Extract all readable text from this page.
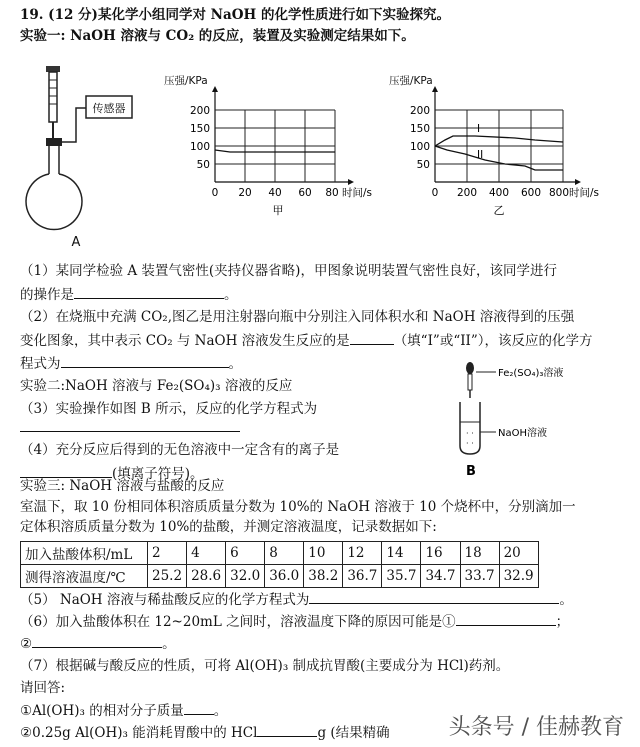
19. (12 分)某化学小组同学对 NaOH 的化学性质进行如下实验探究。
实验一: NaOH 溶液与 CO₂ 的反应，装置及实验测定结果如下。
传感器
A
压强/KPa
200
150
100
50
0 20 40 60 80 时间/s
甲
压强/KPa
I
II
200
150
100
50
0 200 400 600 800 时间/s
乙
（1）某同学检验 A 装置气密性(夹持仪器省略)，甲图象说明装置气密性良好，该同学进行
的操作是	。
（2）在烧瓶中充满 CO₂,图乙是用注射器向瓶中分别注入同体积水和 NaOH 溶液得到的压强
变化图象，其中表示 CO₂ 与 NaOH 溶液发生反应的是	（填“I”或“II”），该反应的化学方
程式为	。
实验二:NaOH 溶液与 Fe₂(SO₄)₃ 溶液的反应
（3）实验操作如图 B 所示，反应的化学方程式为
（4）充分反应后得到的无色溶液中一定含有的离子是
(填离子符号)。
Fe₂(SO₄)₃溶液
· ·
· ·
NaOH溶液
B
实验三: NaOH 溶液与盐酸的反应
室温下，取 10 份相同体积溶质质量分数为 10%的 NaOH 溶液于 10 个烧杯中，分别滴加一
定体积溶质质量分数为 10%的盐酸，并测定溶液温度，记录数据如下:
加入盐酸体积/mL	2	4	6	8	10	12	14	16	18	20
测得溶液温度/℃	25.2	28.6	32.0	36.0	38.2	36.7	35.7	34.7	33.7	32.9
（5） NaOH 溶液与稀盐酸反应的化学方程式为	。
（6）加入盐酸体积在 12~20mL 之间时，溶液温度下降的原因可能是①	；
②	。
（7）根据碱与酸反应的性质，可将 Al(OH)₃ 制成抗胃酸(主要成分为 HCl)药剂。
请回答:
①Al(OH)₃ 的相对分子质量 。
②0.25g Al(OH)₃ 能消耗胃酸中的 HCl	g (结果精确	头条号 / 佳赫教育
